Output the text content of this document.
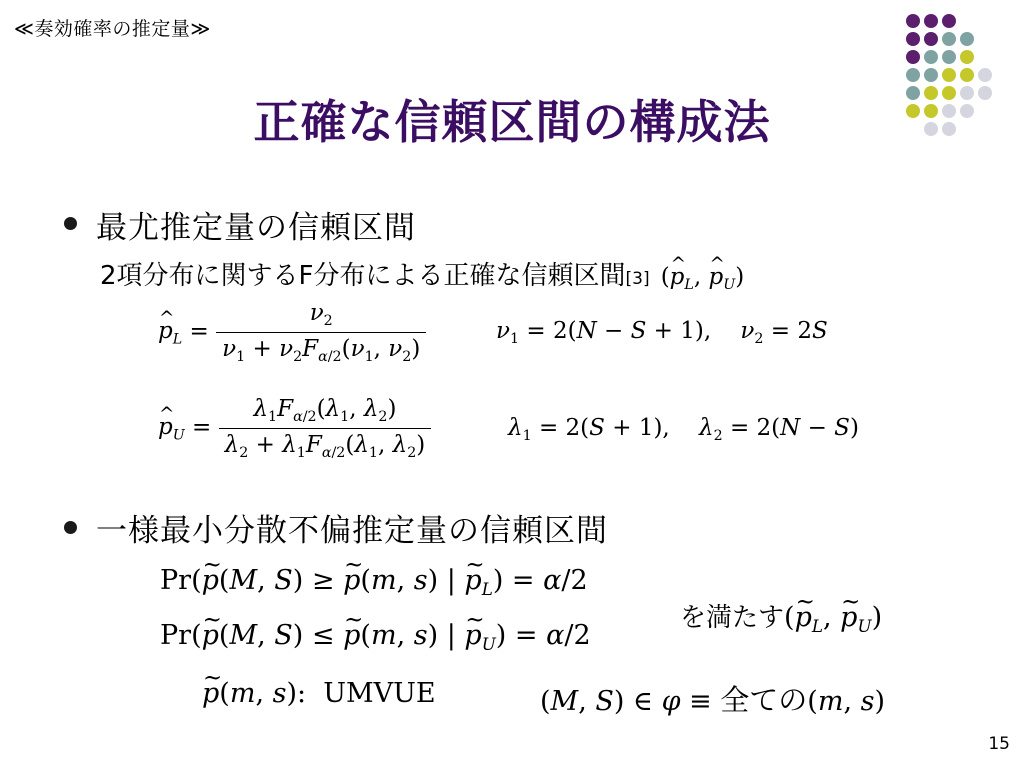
≪奏効確率の推定量≫
正確な信頼区間の構成法
最尤推定量の信頼区間
2項分布に関するF分布による正確な信頼区間[3] (^ $p_L$, ^ $p_U$)
^ $p_L = \frac{\nu_2}{\nu_1 + \nu_2F_{\alpha/2}(\nu_1, \nu_2)}$	$\nu_1 = 2(N - S + 1)$,    $\nu_2 = 2S$
^ $p_U = \frac{\lambda_1F_{\alpha/2}(\lambda_1, \lambda_2)}{\lambda_2 + \lambda_1F_{\alpha/2}(\lambda_1, \lambda_2)}$	$\lambda_1 = 2(S + 1)$,    $\lambda_2 = 2(N - S)$
一様最小分散不偏推定量の信頼区間
Pr(~ p(M, S) ≥ ~ p(m, s) | ~ $p_L) = \alpha/2$
Pr(~ p(M, S) ≤ ~ p(m, s) | ~ $p_U) = \alpha/2$
を満たす(~ $p_L$, ~ $p_U$)
~ p(m, s):  UMVUE	(M, S) ∈ φ ≡ 全ての(m, s)
15
